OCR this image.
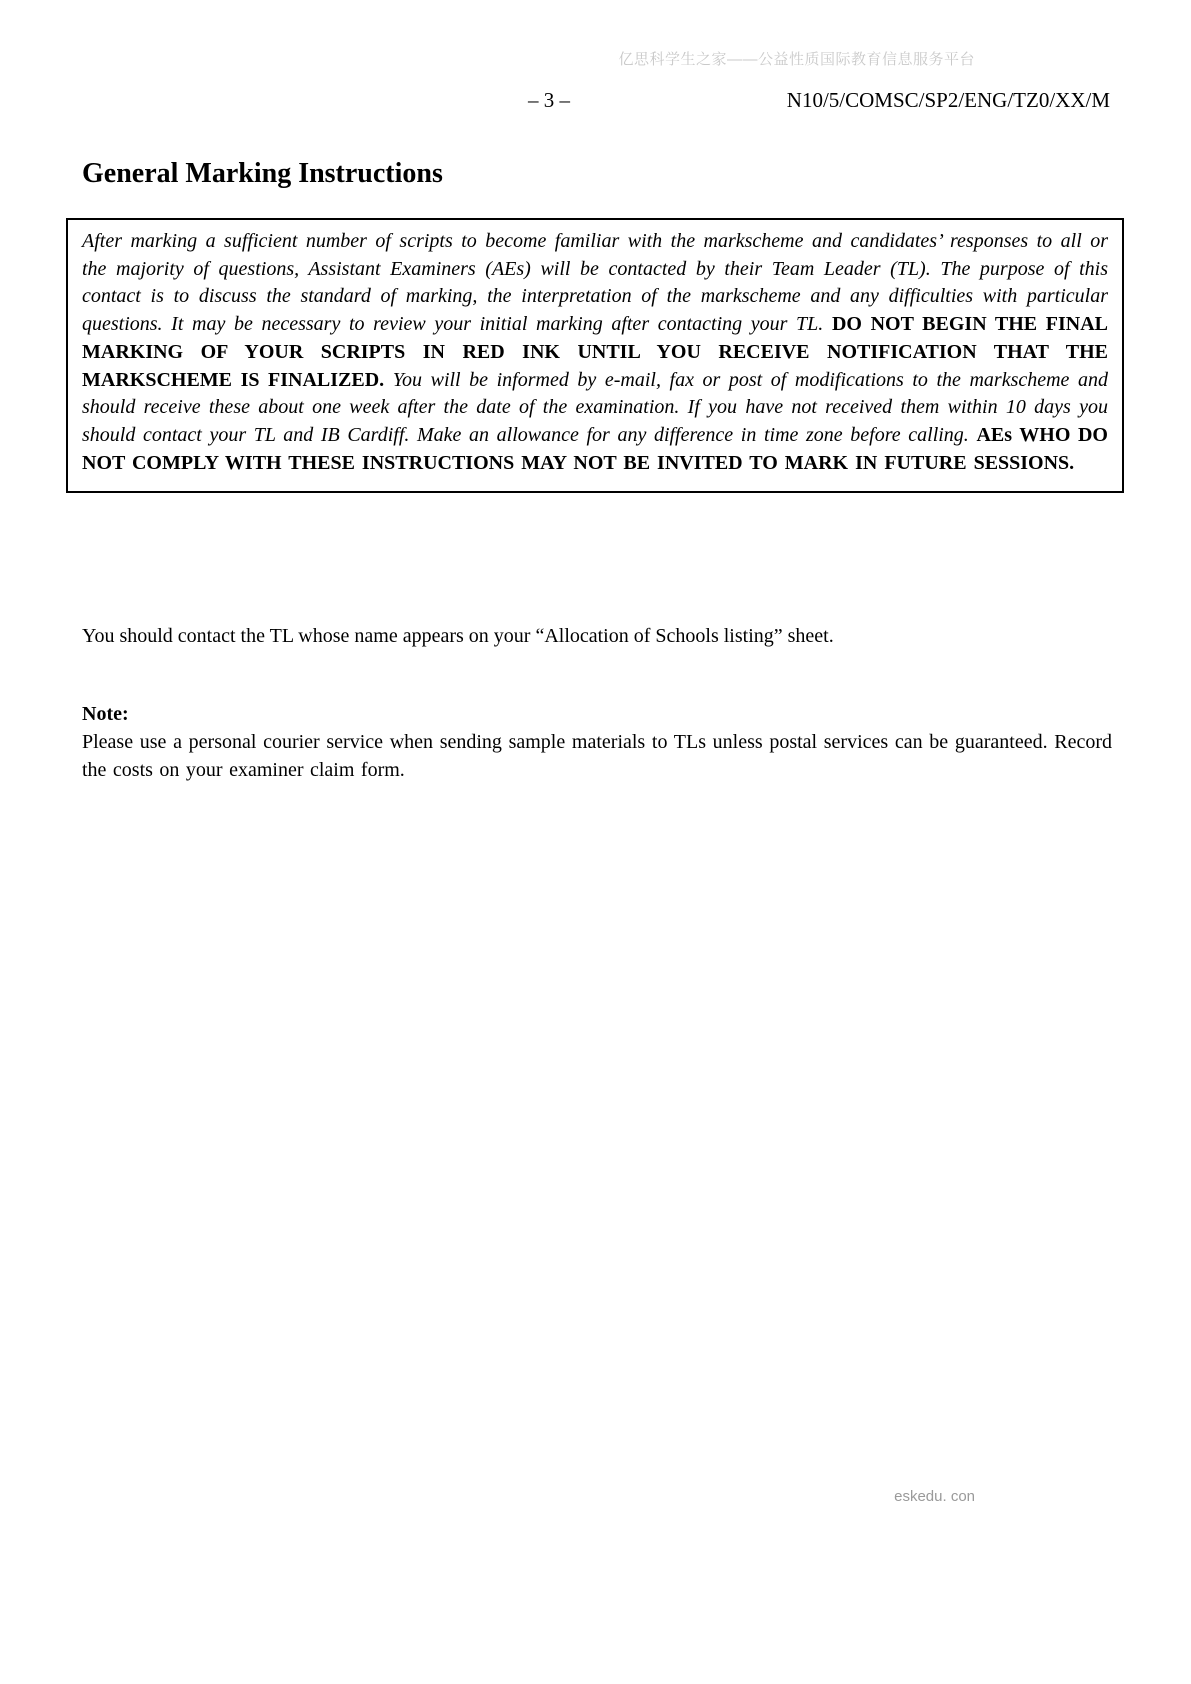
亿思科学生之家——公益性质国际教育信息服务平台
– 3 –	N10/5/COMSC/SP2/ENG/TZ0/XX/M
General Marking Instructions
After marking a sufficient number of scripts to become familiar with the markscheme and candidates’ responses to all or the majority of questions, Assistant Examiners (AEs) will be contacted by their Team Leader (TL). The purpose of this contact is to discuss the standard of marking, the interpretation of the markscheme and any difficulties with particular questions. It may be necessary to review your initial marking after contacting your TL. DO NOT BEGIN THE FINAL MARKING OF YOUR SCRIPTS IN RED INK UNTIL YOU RECEIVE NOTIFICATION THAT THE MARKSCHEME IS FINALIZED. You will be informed by e-mail, fax or post of modifications to the markscheme and should receive these about one week after the date of the examination. If you have not received them within 10 days you should contact your TL and IB Cardiff. Make an allowance for any difference in time zone before calling. AEs WHO DO NOT COMPLY WITH THESE INSTRUCTIONS MAY NOT BE INVITED TO MARK IN FUTURE SESSIONS.

You should contact the TL whose name appears on your “Allocation of Schools listing” sheet.

Note:

Please use a personal courier service when sending sample materials to TLs unless postal services can be guaranteed. Record the costs on your examiner claim form.

eskedu. con
